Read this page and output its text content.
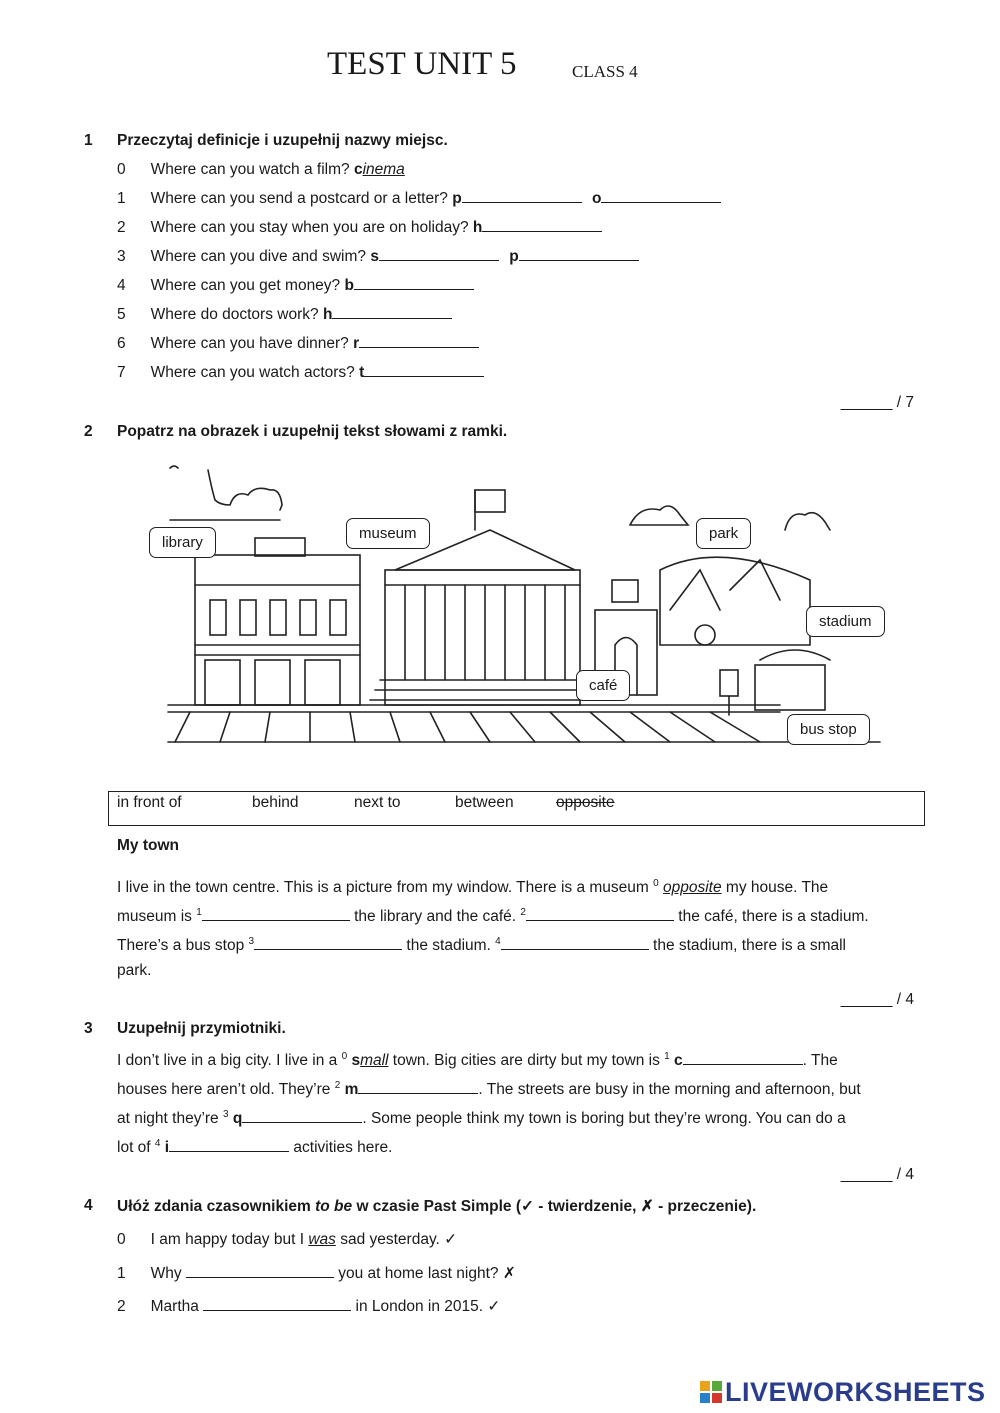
TEST UNIT 5	CLASS 4
1 Przeczytaj definicje i uzupełnij nazwy miejsc.
0 Where can you watch a film? cinema
1 Where can you send a postcard or a letter? p	o
2 Where can you stay when you are on holiday? h
3 Where can you dive and swim? s	p
4 Where can you get money? b
5 Where do doctors work? h
6 Where can you have dinner? r
7 Where can you watch actors? t
______ / 7
2 Popatrz na obrazek i uzupełnij tekst słowami z ramki.
library
museum	park
stadium
café
bus stop
in front of	behind	next to	between	opposite
My town
I live in the town centre. This is a picture from my window. There is a museum $^0$ opposite my house. The
museum is $^1$	the library and the café. $^2$	the café, there is a stadium.
There’s a bus stop $^3$	the stadium. $^4$	the stadium, there is a small
park.
______ / 4
3 Uzupełnij przymiotniki.
I don’t live in a big city. I live in a $^0$ small town. Big cities are dirty but my town is $^1$ c	. The
houses here aren’t old. They’re $^2$ m	. The streets are busy in the morning and afternoon, but
at night they’re $^3$ q	. Some people think my town is boring but they’re wrong. You can do a
lot of $^4$ i	activities here.
______ / 4
4 Ułóż zdania czasownikiem to be w czasie Past Simple (✓ - twierdzenie, ✗ - przeczenie).
0 I am happy today but I was sad yesterday. ✓
1 Why	you at home last night? ✗
2 Martha	in London in 2015. ✓
LIVEWORKSHEETS
